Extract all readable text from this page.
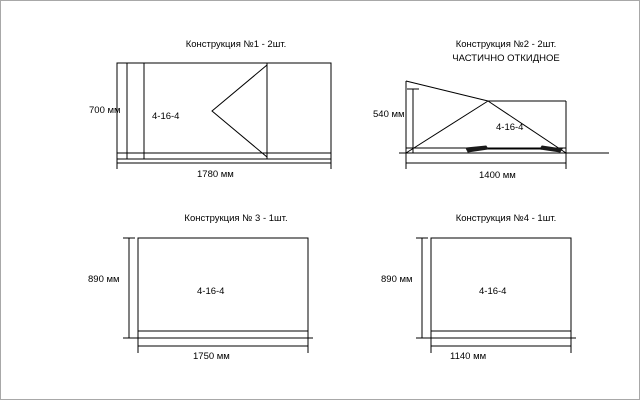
Конструкция №1 - 2шт.	Конструкция №2 - 2шт.
ЧАСТИЧНО ОТКИДНОЕ
Конструкция № 3 - 1шт.	Конструкция №4 - 1шт.
700 мм
1780 мм
4-16-4	540 мм
1400 мм
4-16-4
890 мм
1750 мм
4-16-4
890 мм
1140 мм
4-16-4
